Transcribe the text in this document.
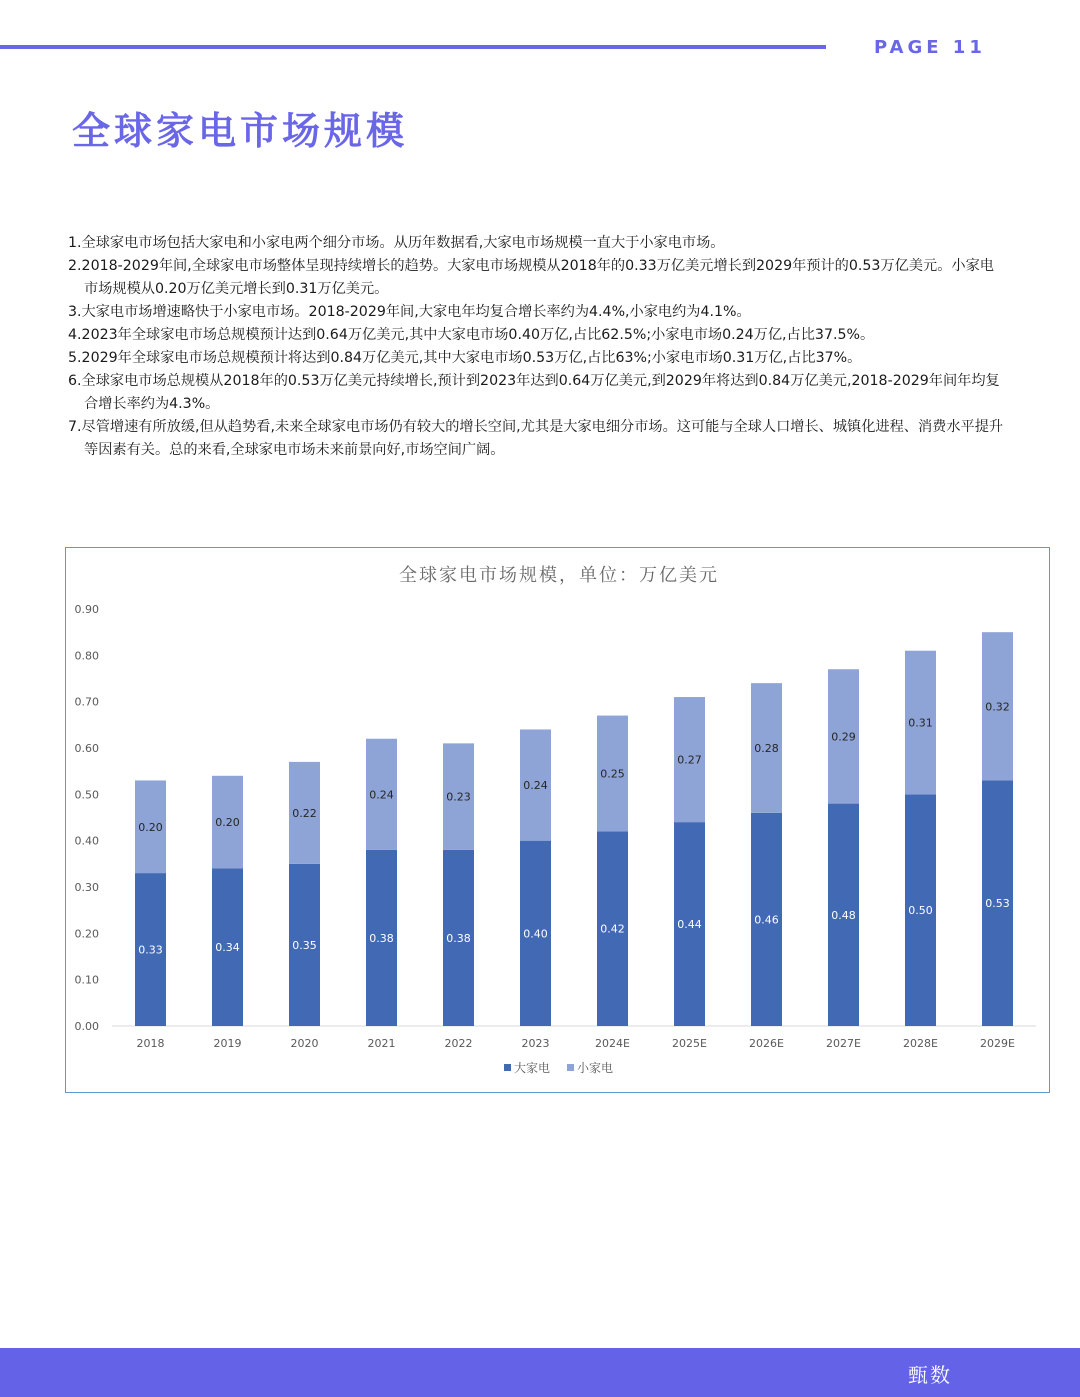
PAGE 11
全球家电市场规模
1.全球家电市场包括大家电和小家电两个细分市场。从历年数据看,大家电市场规模一直大于小家电市场。
2.2018-2029年间,全球家电市场整体呈现持续增长的趋势。大家电市场规模从2018年的0.33万亿美元增长到2029年预计的0.53万亿美元。小家电市场规模从0.20万亿美元增长到0.31万亿美元。
3.大家电市场增速略快于小家电市场。2018-2029年间,大家电年均复合增长率约为4.4%,小家电约为4.1%。
4.2023年全球家电市场总规模预计达到0.64万亿美元,其中大家电市场0.40万亿,占比62.5%;小家电市场0.24万亿,占比37.5%。
5.2029年全球家电市场总规模预计将达到0.84万亿美元,其中大家电市场0.53万亿,占比63%;小家电市场0.31万亿,占比37%。
6.全球家电市场总规模从2018年的0.53万亿美元持续增长,预计到2023年达到0.64万亿美元,到2029年将达到0.84万亿美元,2018-2029年间年均复合增长率约为4.3%。
7.尽管增速有所放缓,但从趋势看,未来全球家电市场仍有较大的增长空间,尤其是大家电细分市场。这可能与全球人口增长、城镇化进程、消费水平提升等因素有关。总的来看,全球家电市场未来前景向好,市场空间广阔。
全球家电市场规模，单位：万亿美元
0.00
0.10
0.20
0.30
0.40
0.50
0.60
0.70
0.80
0.90
0.33
0.20
2018
0.34
0.20
2019
0.35
0.22
2020
0.38
0.24
2021
0.38
0.23
2022
0.40
0.24
2023
0.42
0.25
2024E
0.44
0.27
2025E
0.46
0.28
2026E
0.48
0.29
2027E
0.50
0.31
2028E
0.53
0.32
2029E
大家电 小家电
甄数
